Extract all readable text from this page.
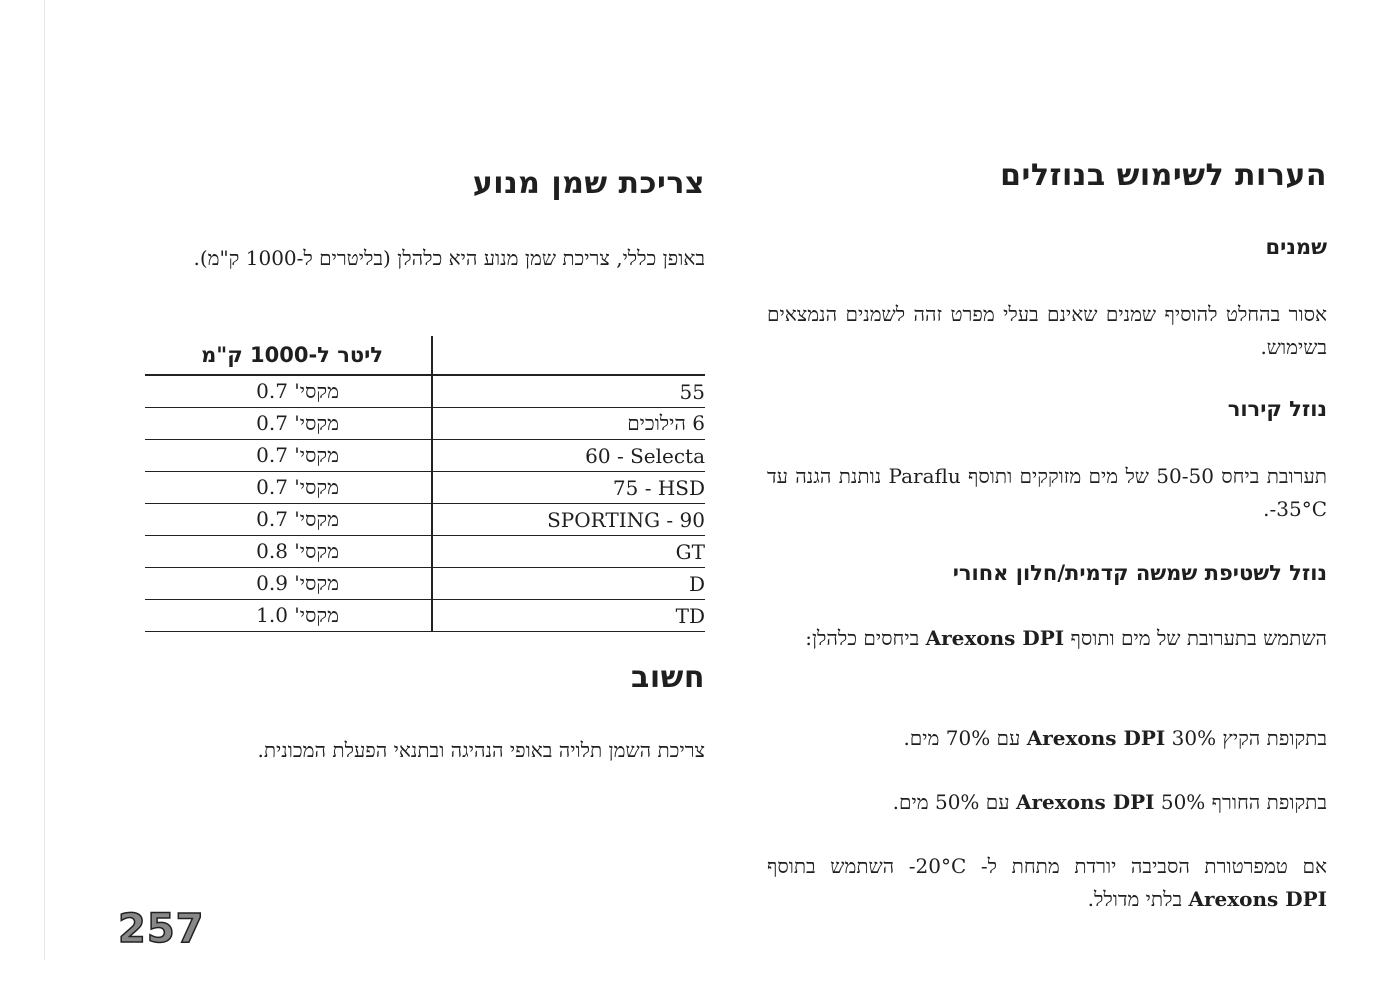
הערות לשימוש בנוזלים
שמנים

אסור בהחלט להוסיף שמנים שאינם בעלי מפרט זהה לשמנים הנמצאים בשימוש.

נוזל קירור

תערובת ביחס 50-50 של מים מזוקקים ותוסף Paraflu נותנת הגנה עד ‎-35°C‏.

נוזל לשטיפת שמשה קדמית/חלון אחורי

השתמש בתערובת של מים ותוסף Arexons DPI ביחסים כלהלן:

בתקופת הקיץ 30% Arexons DPI עם 70% מים.

בתקופת החורף 50% Arexons DPI עם 50% מים.

אם טמפרטורת הסביבה יורדת מתחת ל- ‎-20°C‏ השתמש בתוסף Arexons DPI בלתי מדולל.

צריכת שמן מנוע

באופן כללי, צריכת שמן מנוע היא כלהלן (בליטרים ל-1000 ק"מ).

	ליטר ל-1000 ק"מ
55	מקסי' 0.7
6 הילוכים	מקסי' 0.7
60 - Selecta	מקסי' 0.7
75 - HSD	מקסי' 0.7
SPORTING - 90	מקסי' 0.7
GT	מקסי' 0.8
D	מקסי' 0.9
TD	מקסי' 1.0
חשוב

צריכת השמן תלויה באופי הנהיגה ובתנאי הפעלת המכונית.

257
